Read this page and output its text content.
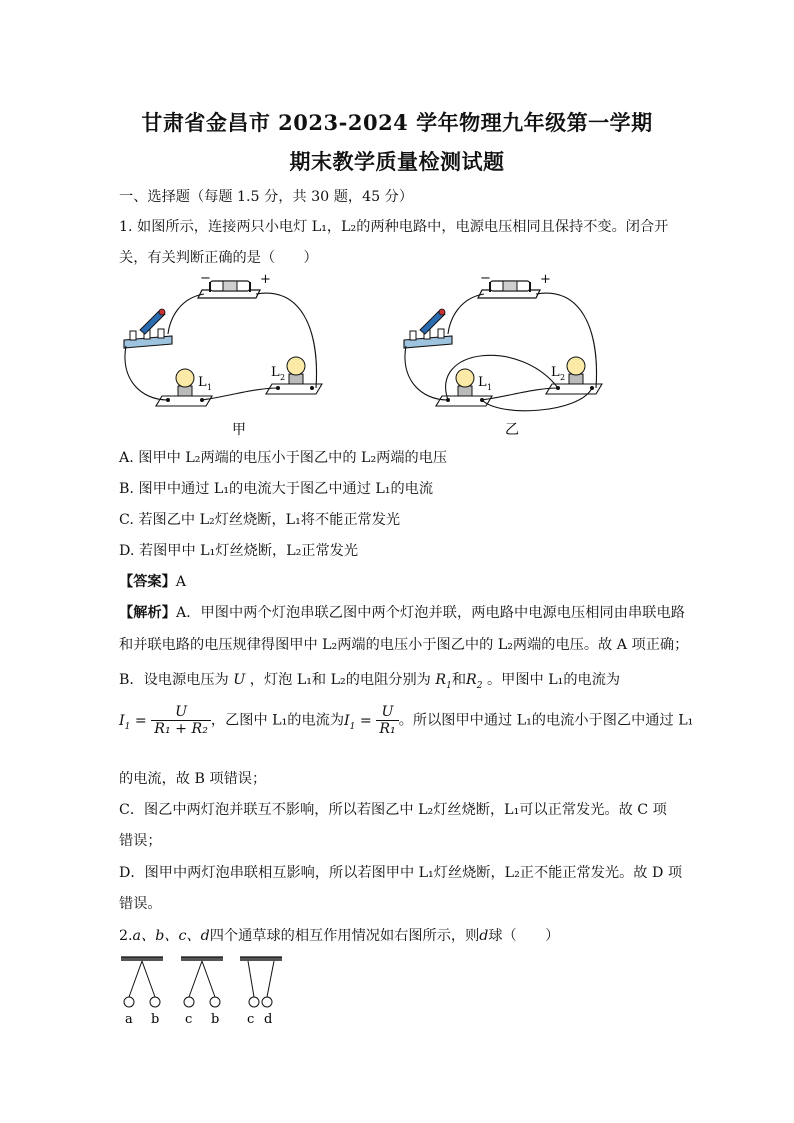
甘肃省金昌市 2023-2024 学年物理九年级第一学期
期末教学质量检测试题
一、选择题（每题 1.5 分，共 30 题，45 分）
1. 如图所示，连接两只小电灯 L₁，L₂的两种电路中，电源电压相同且保持不变。闭合开
关，有关判断正确的是（　　）
−	+
L 1
L 2
甲
−	+
L 1
L 2
乙
A. 图甲中 L₂两端的电压小于图乙中的 L₂两端的电压
B. 图甲中通过 L₁的电流大于图乙中通过 L₁的电流
C. 若图乙中 L₂灯丝烧断，L₁将不能正常发光
D. 若图甲中 L₁灯丝烧断，L₂正常发光
【答案】A
【解析】A．甲图中两个灯泡串联乙图中两个灯泡并联，两电路中电源电压相同由串联电路
和并联电路的电压规律得图甲中 L₂两端的电压小于图乙中的 L₂两端的电压。故 A 项正确；
B．设电源电压为 U ，灯泡 L₁和 L₂的电阻分别为 $R_1$和$R_2$ 。甲图中 L₁的电流为
$I_1 = \frac{U}{\text{R₁ + R₂}}$ ，乙图中 L₁的电流为$I_1 = \frac{U}{\text{R₁}}$ 。所以图甲中通过 L₁的电流小于图乙中通过 L₁
的电流，故 B 项错误；
C．图乙中两灯泡并联互不影响，所以若图乙中 L₂灯丝烧断，L₁可以正常发光。故 C 项
错误；
D．图甲中两灯泡串联相互影响，所以若图甲中 L₁灯丝烧断，L₂正不能正常发光。故 D 项
错误。
2.a、b、c、d四个通草球的相互作用情况如右图所示，则d球（　　）
a b c b c d
